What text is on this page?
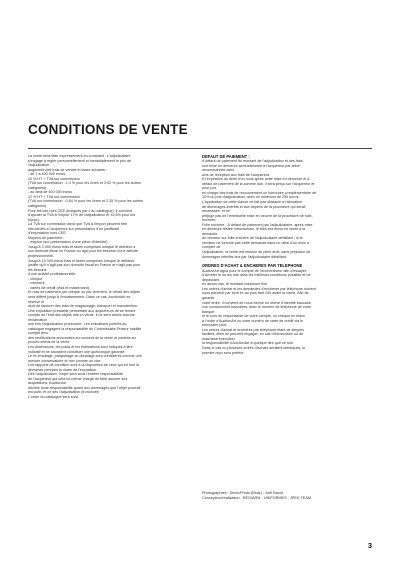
CONDITIONS DE VENTE

La vente sera faite expressément au comptant . L'adjudicataire

s'engage à régler personnellement et immédiatement le prix de

l'adjudication

augmenté des frais de ventes et taxes suivants :

- de 1 à 400 000 euros

20 % HT + TVA sur commission

(TVA sur commission : 1,4 % pour les livres et 3,92 % pour les autres

catégories)

- au delà de 400 000 euros

12 % HT + TVA sur commission

(TVA sur commission : 0,84 % pour les livres et 2,35 % pour les autres

catégories)

Pour les lots hors CEE (indiqués par ◊ au catalogue), il convient

d'ajouter la TVA à l'import 17% de l'adjudication et 19,6% pour les

bijoux).

La TVA sur commission ainsi que TVA à l'import peuvent être

rétrocédés à l'acquéreur sur présentation d'un justificatif

d'exportation hors CEE.

Moyens de paiement :

- espèce (sur présentation d'une pièce d'identité) :

Jusqu'à 3 000 euros frais et taxes comprises lorsque le débiteur a

son domicile fiscal en France ou agit pour les besoins d'une activité

professionnelle.

Jusqu'à 15 000 euros frais et taxes comprises lorsque le débiteur

justifie qu'il n'agit pas son domicile fiscal en France et n'agit pas pour

les besoins

d'une activité professionnelle.

- chèque,

- virement,

- cartes de crédit (visa et mastercard).

En cas de paiement par chèque ou par virement, le retrait des objets

sera différé jusqu'à l'encaissement. Dans ce cas, AuctionArt se

réserve le

droit de facturer des frais de magasinage, transport et manutention.

Une exposition préalable permettant aux acquéreurs de se rendre

compte de l'état des objets mis en vente, il ne sera admis aucune

réclamation

une fois l'adjudication prononcée. Les indications portées au

catalogue engagent la responsabilité du Commissaire-Priseur habilité

compte tenu

des rectifications annoncées au moment de la vente et portées au

procès-verbal de la vente.

Les dimensions, les poids et les estimations sont indiqués à titre

indicatif et ne sauraient constituer une quelconque garantie.

Le ré-entoilage, parquetage ou doublage sont considérés comme une

mesure conservatoire et non comme un vice.

Les rapports de condition sont à la disposition de ceux qui en font la

demande pendant la durée de l'exposition.

Dès l'adjudication, l'objet sera sous l'entière responsabilité

de l'acquéreur qui sera lui-même chargé de faire assurer ses

acquisitions. AuctionArt

décline toute responsabilité quant aux dommages que l'objet pourrait

encourir, et ce dès l'adjudication prononcée.

L'ordre du catalogue sera suivi.

DÉFAUT DE PAIEMENT :

A défaut de paiement du montant de l'adjudication et des frais,

une mise en demeure sera adressée à l'acquéreur par lettre

recommandée avec

avis de réception aux frais de l'acquéreur.

A l'expiration du délai d'un mois après cette mise en demeure et à

défaut de paiement de la somme due, il sera perçu sur l'acquéreur et

pour prix

en charge des frais de recouvrement un honoraire complémentaire de

10% du prix d'adjudication, avec un minimum de 250 euros.

L'application de cette clause ne fait pas obstacle à l'allocation

de dommages-intérêts et aux dépens de la procédure qui serait

nécessaire, et ne

préjuge pas de l'éventuelle mise en oeuvre de la procédure de folle-

enchère.

Folle enchère : À défaut de paiement par l'adjudicataire, après mise

en demeure restée infructueuse, le bien est remis en vente à la

demande

du vendeur sur folle enchère de l'adjudicataire défaillant ; si le

vendeur ne formule pas cette demande dans un délai d'un mois à

compter de

l'adjudication, la vente est résolue de plein droit, sans préjudice de

dommages intérêts dus par l'adjudicataire défaillant.

ORDRES D'ACHAT & ENCHÈRES PAR TÉLÉPHONE

AuctionArt agira pour le compte de l'enchérisseur afin d'essayer

d'acheter le ou les lots dans les meilleurs conditions possible et ne

dépassant

en aucun cas, le montant maximum fixé.

Les ordres d'achat et les demandes d'enchères par téléphone doivent

nous parvenir par écrit et, au plus tard 24h avant la vente. Afin de

garantir

votre ordre, il convient de nous fournir un relevé d'identité bancaire,

vos coordonnées bancaires, avec le numéro de téléphone de votre

banque

et le nom du responsable de votre compte, un chèque en blanc

à l'ordre d'AuctionArt ou votre numéro de carte de crédit via le

formulaire joint.

Les ordres d'achat et enchères par téléphone étant de simples

facilités, elles ne peuvent engager, en cas d'inexécution ou de

mauvaise exécution,

la responsabilité d'AuctionArt à quelque titre que ce soit.

Dans le cas où plusieurs ordres d'achats seraient identiques, le

premier reçu sera préféré.

Photographies : DeclicPhoto (Blois) - Joël David

Conception/réalisation : RÉGIARM - UNIFORMES - JPEK TEAM

3
